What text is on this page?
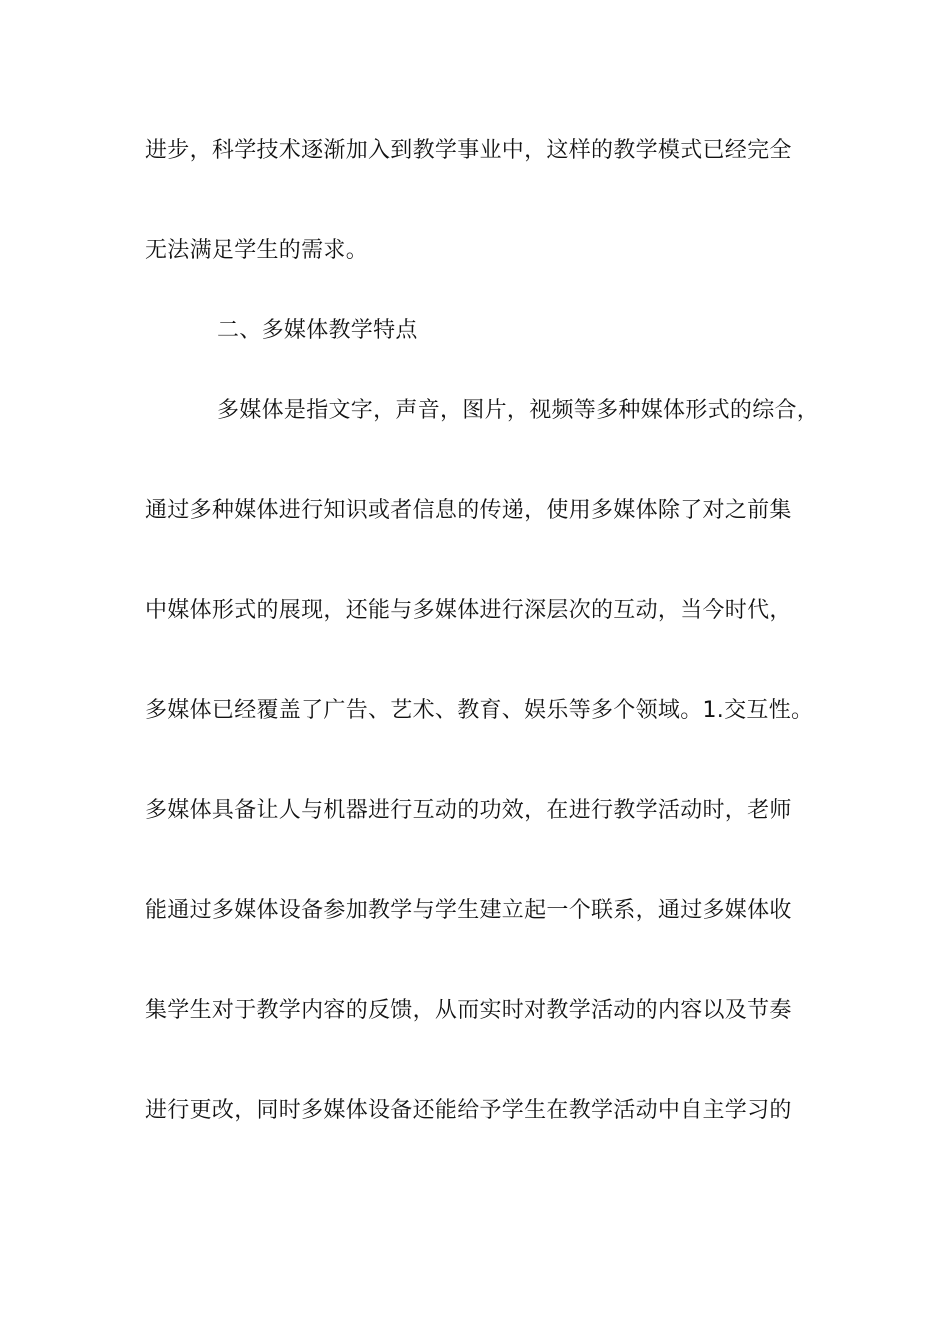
进步，科学技术逐渐加入到教学事业中，这样的教学模式已经完全
无法满足学生的需求。
二、多媒体教学特点
多媒体是指文字，声音，图片，视频等多种媒体形式的综合，
通过多种媒体进行知识或者信息的传递，使用多媒体除了对之前集
中媒体形式的展现，还能与多媒体进行深层次的互动，当今时代，
多媒体已经覆盖了广告、艺术、教育、娱乐等多个领域。1.交互性。
多媒体具备让人与机器进行互动的功效，在进行教学活动时，老师
能通过多媒体设备参加教学与学生建立起一个联系，通过多媒体收
集学生对于教学内容的反馈，从而实时对教学活动的内容以及节奏
进行更改，同时多媒体设备还能给予学生在教学活动中自主学习的
